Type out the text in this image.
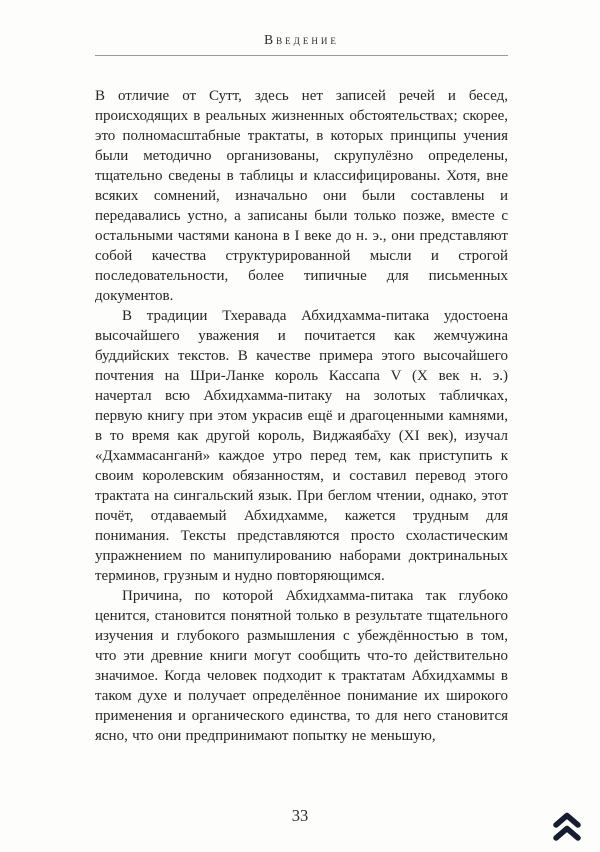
Введение

В отличие от Сутт, здесь нет записей речей и бесед, происходящих в реальных жизненных обстоятельствах; скорее, это полномасштабные трактаты, в которых принципы учения были методично организованы, скрупулёзно определены, тщательно сведены в таблицы и классифицированы. Хотя, вне всяких сомнений, изначально они были составлены и передавались устно, а записаны были только позже, вместе с остальными частями канона в I веке до н. э., они представляют собой качества структурированной мысли и строгой последовательности, более типичные для письменных документов.

В традиции Тхеравада Абхидхамма-питака удостоена высочайшего уважения и почитается как жемчужина буддийских текстов. В качестве примера этого высочайшего почтения на Шри-Ланке король Кассапа V (X век н. э.) начертал всю Абхидхамма-питаку на золотых табличках, первую книгу при этом украсив ещё и драгоценными камнями, в то время как другой король, Виджаяба̄ху (XI век), изучал «Дхаммасанганӣ» каждое утро перед тем, как приступить к своим королевским обязанностям, и составил перевод этого трактата на сингальский язык. При беглом чтении, однако, этот почёт, отдаваемый Абхидхамме, кажется трудным для понимания. Тексты представляются просто схоластическим упражнением по манипулированию наборами доктринальных терминов, грузным и нудно повторяющимся.

Причина, по которой Абхидхамма-питака так глубоко ценится, становится понятной только в результате тщательного изучения и глубокого размышления с убеждённостью в том, что эти древние книги могут сообщить что-то действительно значимое. Когда человек подходит к трактатам Абхидхаммы в таком духе и получает определённое понимание их широкого применения и органического единства, то для него становится ясно, что они предпринимают попытку не меньшую,

33
